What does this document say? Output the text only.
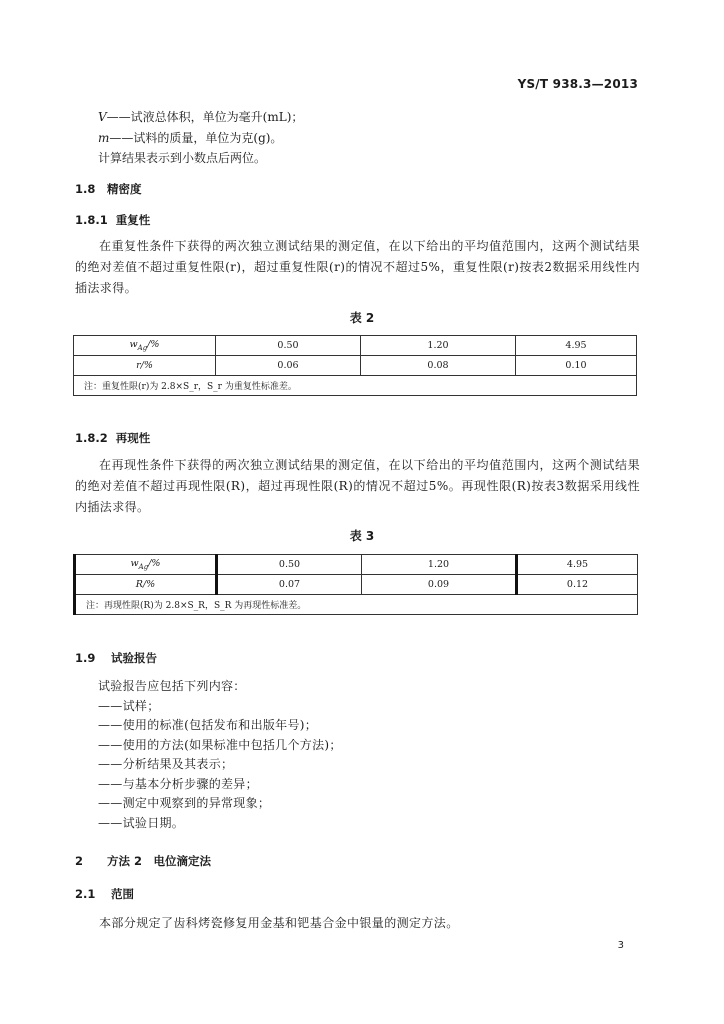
YS/T 938.3—2013
V——试液总体积，单位为毫升(mL)；
m——试料的质量，单位为克(g)。
计算结果表示到小数点后两位。
1.8 精密度
1.8.1 重复性
在重复性条件下获得的两次独立测试结果的测定值，在以下给出的平均值范围内，这两个测试结果的绝对差值不超过重复性限(r)，超过重复性限(r)的情况不超过5%，重复性限(r)按表2数据采用线性内插法求得。
表 2
$w_{Ag}/\%$	0.50	1.20	4.95
r/%	0.06	0.08	0.10
注：重复性限(r)为 2.8×S_r，S_r 为重复性标准差。			
1.8.2 再现性
在再现性条件下获得的两次独立测试结果的测定值，在以下给出的平均值范围内，这两个测试结果的绝对差值不超过再现性限(R)，超过再现性限(R)的情况不超过5%。再现性限(R)按表3数据采用线性内插法求得。
表 3
$w_{Ag}/\%$	0.50	1.20	4.95
R/%	0.07	0.09	0.12
注：再现性限(R)为 2.8×S_R，S_R 为再现性标准差。			
1.9 试验报告
试验报告应包括下列内容：
——试样；
——使用的标准(包括发布和出版年号)；
——使用的方法(如果标准中包括几个方法)；
——分析结果及其表示；
——与基本分析步骤的差异；
——测定中观察到的异常现象；
——试验日期。
2 方法 2　电位滴定法
2.1 范围
本部分规定了齿科烤瓷修复用金基和钯基合金中银量的测定方法。
3
